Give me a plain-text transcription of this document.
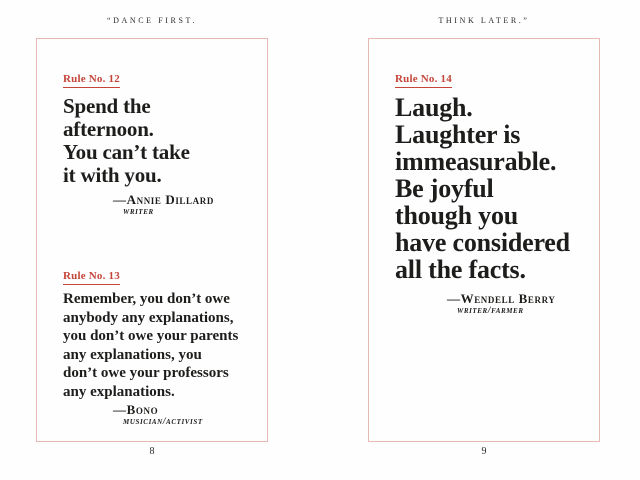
“DANCE FIRST.
Rule No. 12
Spend the
afternoon.
You can’t take
it with you.
—Annie Dillard
writer
Rule No. 13
Remember, you don’t owe
anybody any explanations,
you don’t owe your parents
any explanations, you
don’t owe your professors
any explanations.
—Bono
musician/activist
8
THINK LATER.”
Rule No. 14
Laugh.
Laughter is
immeasurable.
Be joyful
though you
have considered
all the facts.
—Wendell Berry
writer/farmer
9
